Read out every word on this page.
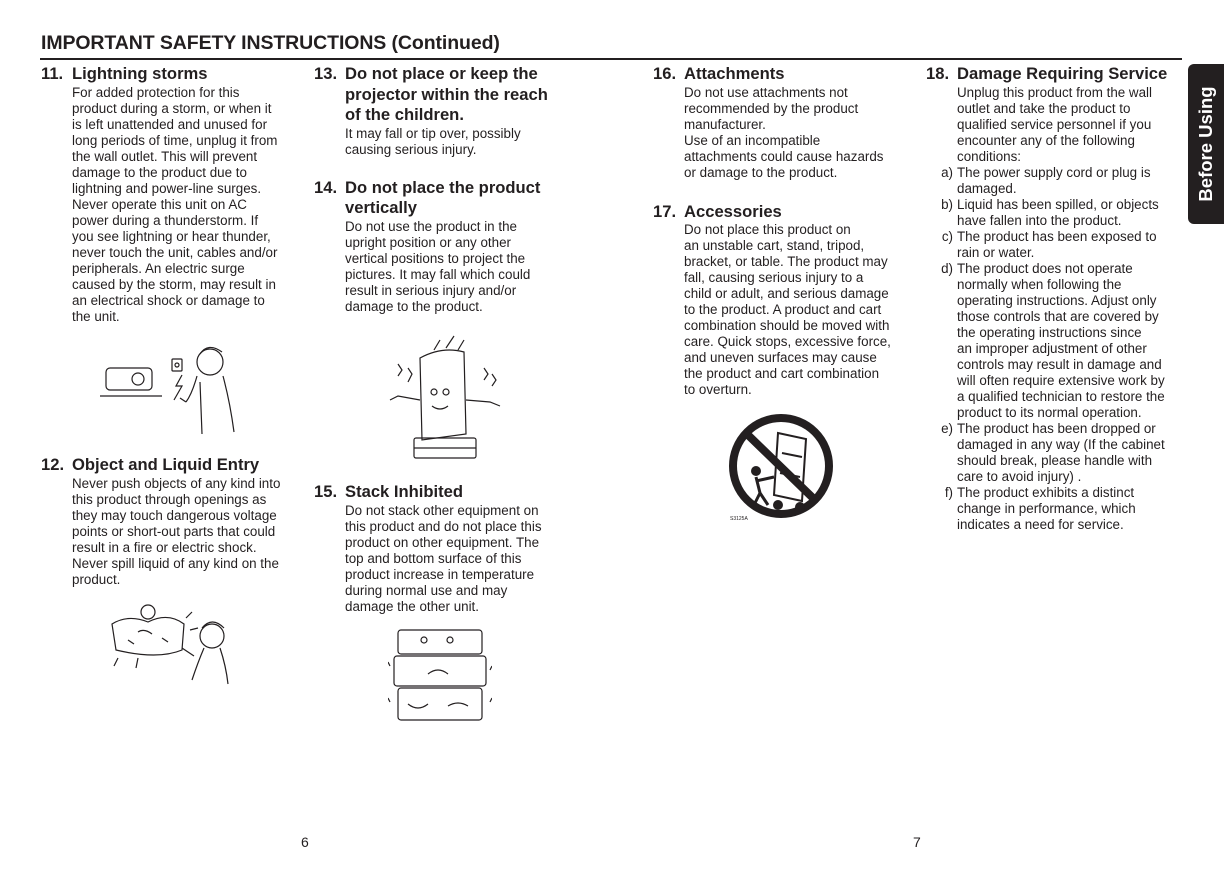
IMPORTANT SAFETY INSTRUCTIONS (Continued)
Before Using
11. Lightning storms
For added protection for this
product during a storm, or when it
is left unattended and unused for
long periods of time, unplug it from
the wall outlet. This will prevent
damage to the product due to
lightning and power-line surges.
Never operate this unit on AC
power during a thunderstorm. If
you see lightning or hear thunder,
never touch the unit, cables and/or
peripherals. An electric surge
caused by the storm, may result in
an electrical shock or damage to
the unit.
12. Object and Liquid Entry
Never push objects of any kind into
this product through openings as
they may touch dangerous voltage
points or short-out parts that could
result in a fire or electric shock.
Never spill liquid of any kind on the
product.
13. Do not place or keep the
projector within the reach
of the children.
It may fall or tip over, possibly
causing serious injury.
14. Do not place the product
vertically
Do not use the product in the
upright position or any other
vertical positions to project the
pictures. It may fall which could
result in serious injury and/or
damage to the product.
15. Stack Inhibited
Do not stack other equipment on
this product and do not place this
product on other equipment. The
top and bottom surface of this
product increase in temperature
during normal use and may
damage the other unit.
16. Attachments
Do not use attachments not
recommended by the product
manufacturer.
Use of an incompatible
attachments could cause hazards
or damage to the product.
17. Accessories
Do not place this product on
an unstable cart, stand, tripod,
bracket, or table. The product may
fall, causing serious injury to a
child or adult, and serious damage
to the product. A product and cart
combination should be moved with
care. Quick stops, excessive force,
and uneven surfaces may cause
the product and cart combination
to overturn.
S3125A
18. Damage Requiring Service
Unplug this product from the wall
outlet and take the product to
qualified service personnel if you
encounter any of the following
conditions:
a) The power supply cord or plug is
damaged.
b) Liquid has been spilled, or objects
have fallen into the product.
c) The product has been exposed to
rain or water.
d) The product does not operate
normally when following the
operating instructions. Adjust only
those controls that are covered by
the operating instructions since
an improper adjustment of other
controls may result in damage and
will often require extensive work by
a qualified technician to restore the
product to its normal operation.
e) The product has been dropped or
damaged in any way (If the cabinet
should break, please handle with
care to avoid injury) .
f) The product exhibits a distinct
change in performance, which
indicates a need for service.
6	7
